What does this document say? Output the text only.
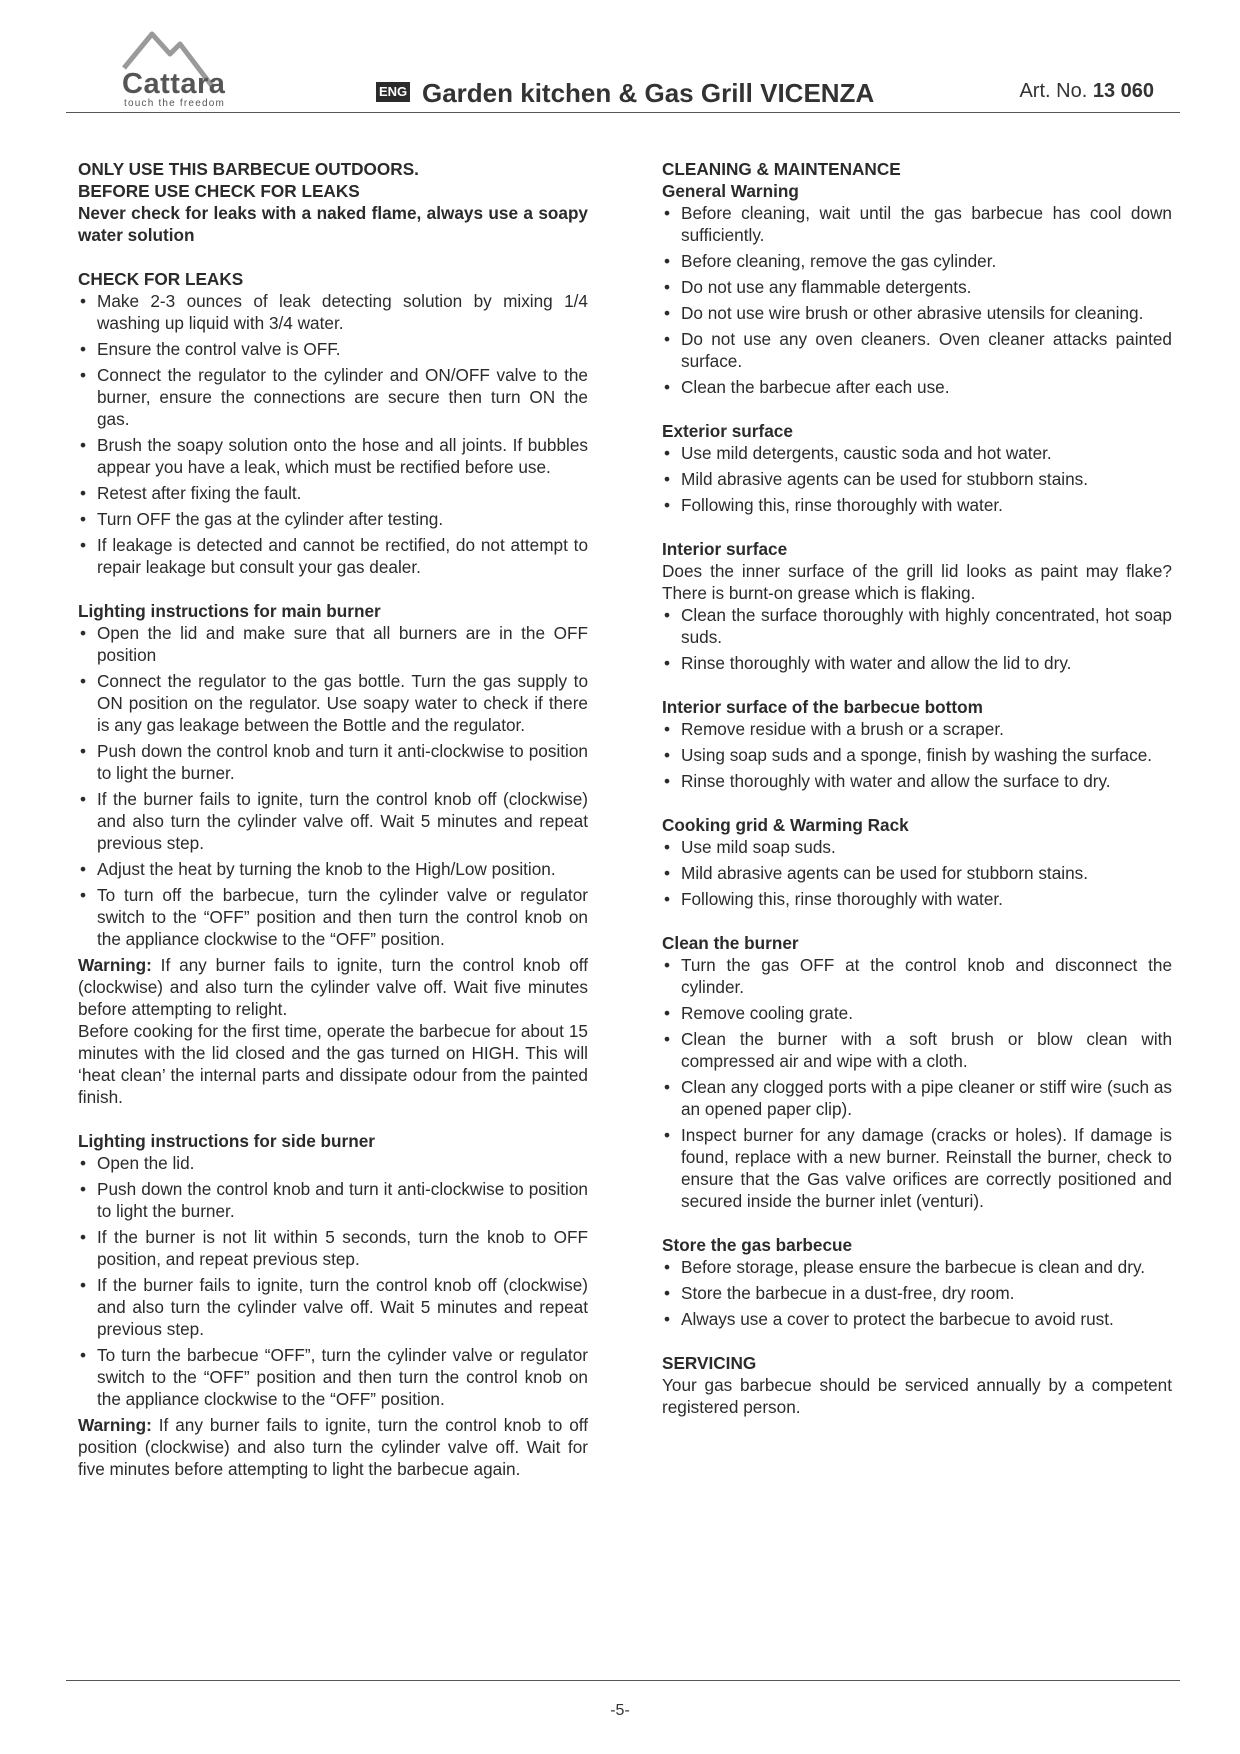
Cattara
touch the freedom
ENG Garden kitchen & Gas Grill VICENZA	Art. No. 13 060

ONLY USE THIS BARBECUE OUTDOORS.

BEFORE USE CHECK FOR LEAKS

Never check for leaks with a naked flame, always use a soapy water solution

CHECK FOR LEAKS

• Make 2-3 ounces of leak detecting solution by mixing 1/4 washing up liquid with 3/4 water.
• Ensure the control valve is OFF.
• Connect the regulator to the cylinder and ON/OFF valve to the burner, ensure the connections are secure then turn ON the gas.
• Brush the soapy solution onto the hose and all joints. If bubbles appear you have a leak, which must be rectified before use.
• Retest after fixing the fault.
• Turn OFF the gas at the cylinder after testing.
• If leakage is detected and cannot be rectified, do not attempt to repair leakage but consult your gas dealer.

Lighting instructions for main burner

• Open the lid and make sure that all burners are in the OFF position
• Connect the regulator to the gas bottle. Turn the gas supply to ON position on the regulator. Use soapy water to check if there is any gas leakage between the Bottle and the regulator.
• Push down the control knob and turn it anti-clockwise to position to light the burner.
• If the burner fails to ignite, turn the control knob off (clockwise) and also turn the cylinder valve off. Wait 5 minutes and repeat previous step.
• Adjust the heat by turning the knob to the High/Low position.
• To turn off the barbecue, turn the cylinder valve or regulator switch to the “OFF” position and then turn the control knob on the appliance clockwise to the “OFF” position.

Warning: If any burner fails to ignite, turn the control knob off (clockwise) and also turn the cylinder valve off. Wait five minutes before attempting to relight.

Before cooking for the first time, operate the barbecue for about 15 minutes with the lid closed and the gas turned on HIGH. This will ‘heat clean’ the internal parts and dissipate odour from the painted finish.

Lighting instructions for side burner

• Open the lid.
• Push down the control knob and turn it anti-clockwise to position to light the burner.
• If the burner is not lit within 5 seconds, turn the knob to OFF position, and repeat previous step.
• If the burner fails to ignite, turn the control knob off (clockwise) and also turn the cylinder valve off. Wait 5 minutes and repeat previous step.
• To turn the barbecue “OFF”, turn the cylinder valve or regulator switch to the “OFF” position and then turn the control knob on the appliance clockwise to the “OFF” position.

Warning: If any burner fails to ignite, turn the control knob to off position (clockwise) and also turn the cylinder valve off. Wait for five minutes before attempting to light the barbecue again.

CLEANING & MAINTENANCE

General Warning

• Before cleaning, wait until the gas barbecue has cool down sufficiently.
• Before cleaning, remove the gas cylinder.
• Do not use any flammable detergents.
• Do not use wire brush or other abrasive utensils for cleaning.
• Do not use any oven cleaners. Oven cleaner attacks painted surface.
• Clean the barbecue after each use.

Exterior surface

• Use mild detergents, caustic soda and hot water.
• Mild abrasive agents can be used for stubborn stains.
• Following this, rinse thoroughly with water.

Interior surface

Does the inner surface of the grill lid looks as paint may flake? There is burnt-on grease which is flaking.

• Clean the surface thoroughly with highly concentrated, hot soap suds.
• Rinse thoroughly with water and allow the lid to dry.

Interior surface of the barbecue bottom

• Remove residue with a brush or a scraper.
• Using soap suds and a sponge, finish by washing the surface.
• Rinse thoroughly with water and allow the surface to dry.

Cooking grid & Warming Rack

• Use mild soap suds.
• Mild abrasive agents can be used for stubborn stains.
• Following this, rinse thoroughly with water.

Clean the burner

• Turn the gas OFF at the control knob and disconnect the cylinder.
• Remove cooling grate.
• Clean the burner with a soft brush or blow clean with compressed air and wipe with a cloth.
• Clean any clogged ports with a pipe cleaner or stiff wire (such as an opened paper clip).
• Inspect burner for any damage (cracks or holes). If damage is found, replace with a new burner. Reinstall the burner, check to ensure that the Gas valve orifices are correctly positioned and secured inside the burner inlet (venturi).

Store the gas barbecue

• Before storage, please ensure the barbecue is clean and dry.
• Store the barbecue in a dust-free, dry room.
• Always use a cover to protect the barbecue to avoid rust.

SERVICING

Your gas barbecue should be serviced annually by a competent registered person.

-5-
